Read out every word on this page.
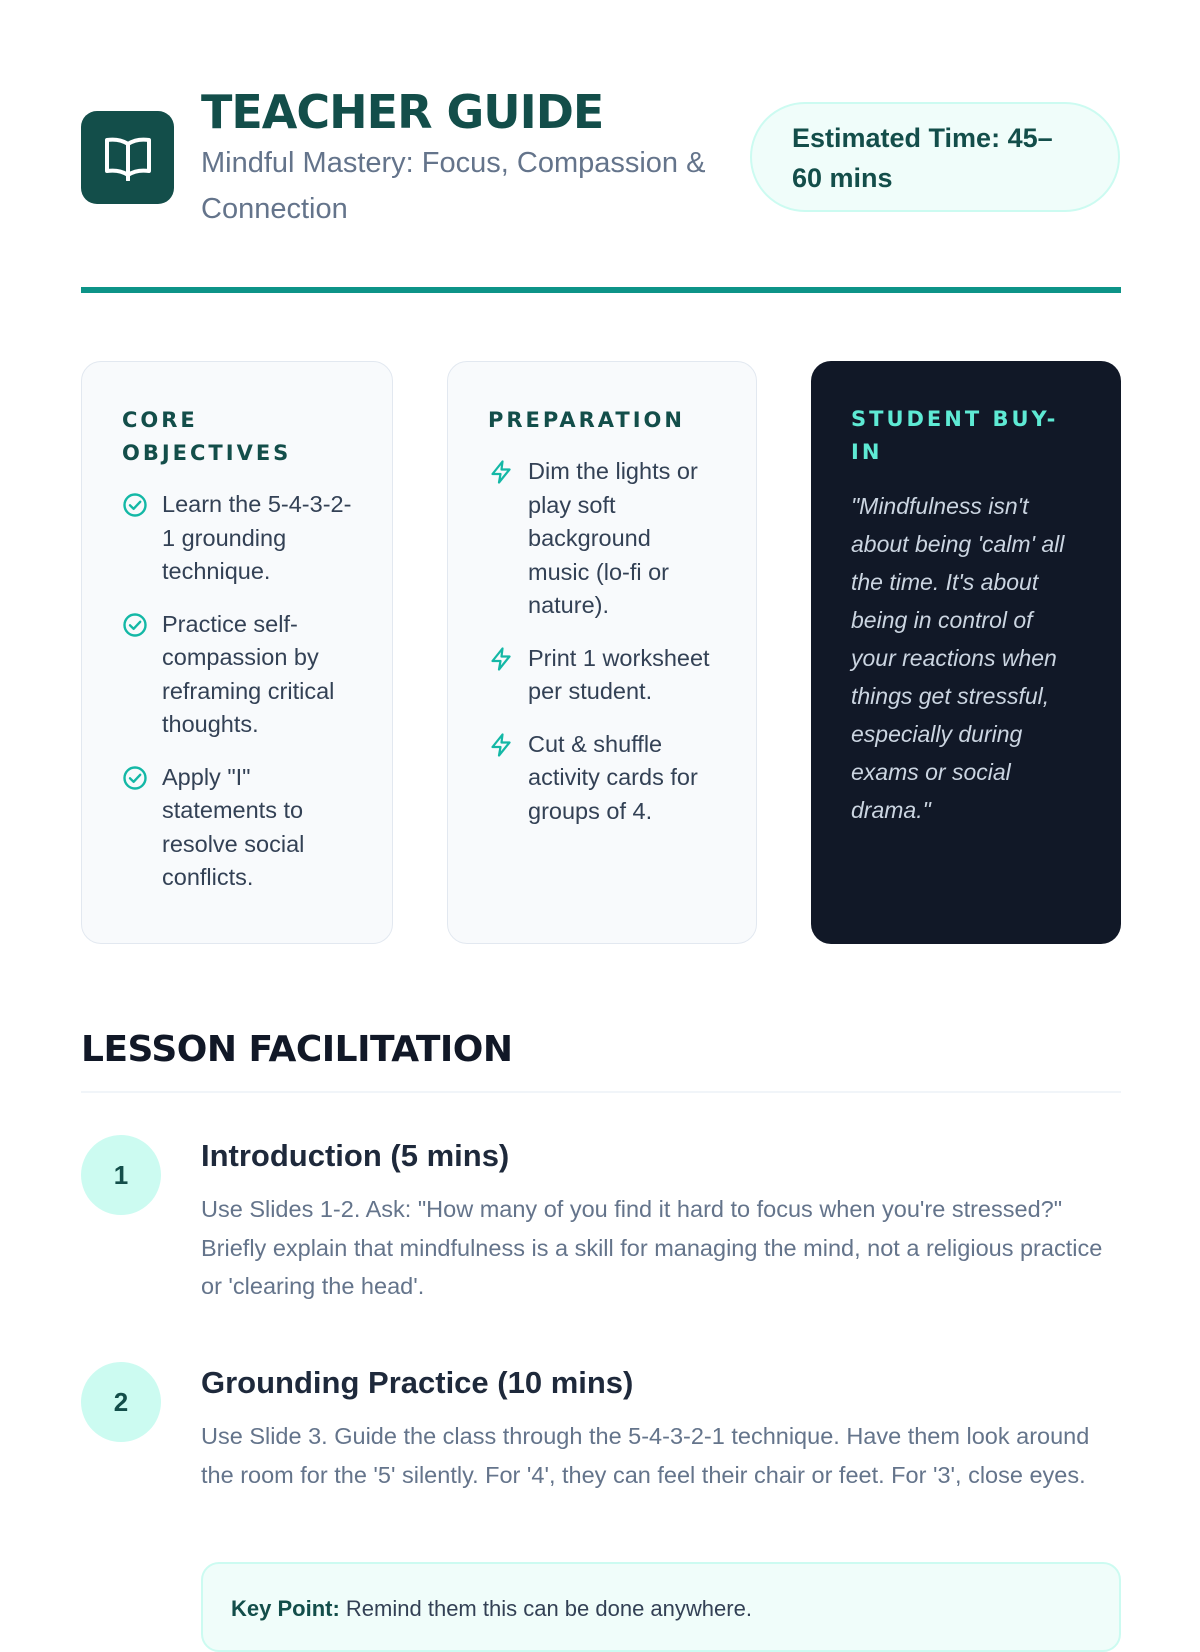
TEACHER GUIDE

Mindful Mastery: Focus, Compassion & Connection

Estimated Time: 45–60 mins
CORE OBJECTIVES
Learn the 5-4-3-2-1 grounding technique.
Practice self-compassion by reframing critical thoughts.
Apply "I" statements to resolve social conflicts.
PREPARATION
Dim the lights or play soft background music (lo-fi or nature).
Print 1 worksheet per student.
Cut & shuffle activity cards for groups of 4.
STUDENT BUY-IN

"Mindfulness isn't about being 'calm' all the time. It's about being in control of your reactions when things get stressful, especially during exams or social drama."

LESSON FACILITATION
1
Introduction (5 mins)

Use Slides 1-2. Ask: "How many of you find it hard to focus when you're stressed?" Briefly explain that mindfulness is a skill for managing the mind, not a religious practice or 'clearing the head'.

2
Grounding Practice (10 mins)

Use Slide 3. Guide the class through the 5-4-3-2-1 technique. Have them look around the room for the '5' silently. For '4', they can feel their chair or feet. For '3', close eyes.

Key Point: Remind them this can be done anywhere.
